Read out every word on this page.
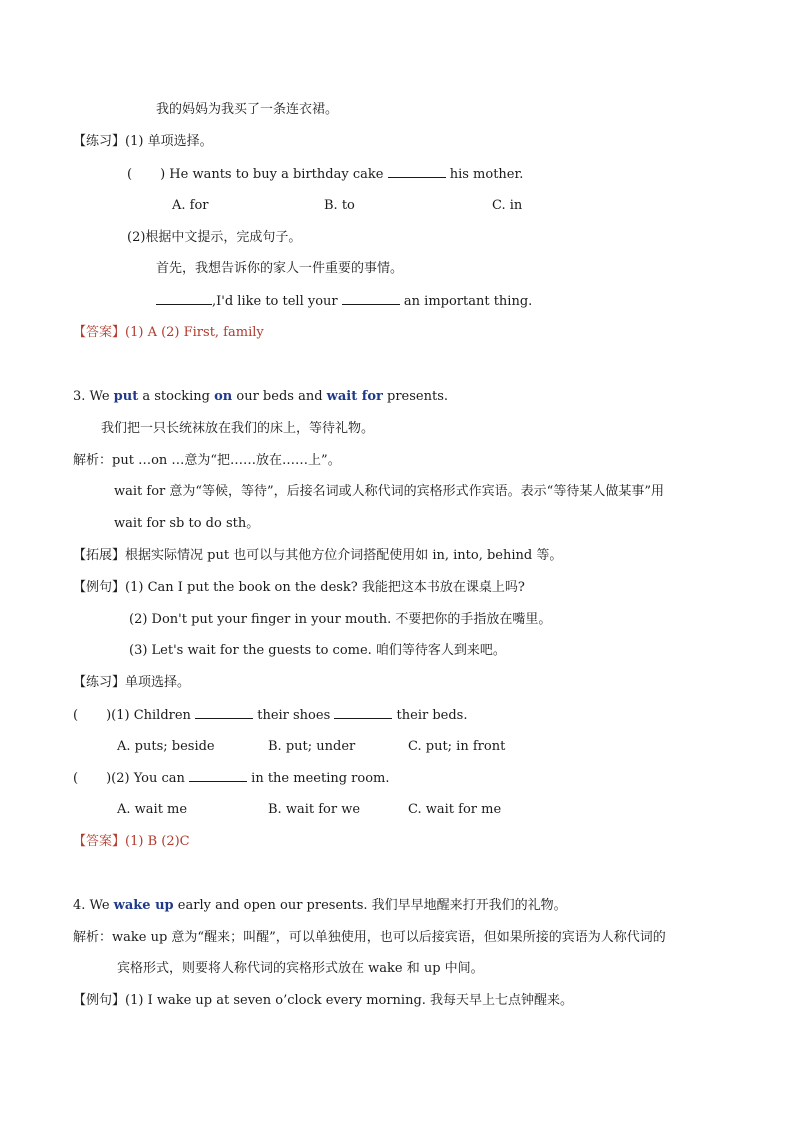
我的妈妈为我买了一条连衣裙。
【练习】(1) 单项选择。
( ) He wants to buy a birthday cake	his mother.
A. for	B. to	C. in
(2)根据中文提示，完成句子。
首先，我想告诉你的家人一件重要的事情。
,I'd like to tell your	an important thing.
【答案】(1) A (2) First, family
3. We put a stocking on our beds and wait for presents.
我们把一只长统袜放在我们的床上，等待礼物。
解析：put …on …意为“把……放在……上”。
wait for 意为“等候，等待”，后接名词或人称代词的宾格形式作宾语。表示“等待某人做某事”用
wait for sb to do sth。
【拓展】根据实际情况 put 也可以与其他方位介词搭配使用如 in, into, behind 等。
【例句】(1) Can I put the book on the desk? 我能把这本书放在课桌上吗?
(2) Don't put your finger in your mouth. 不要把你的手指放在嘴里。
(3) Let's wait for the guests to come. 咱们等待客人到来吧。
【练习】单项选择。
( )(1) Children	their shoes	their beds.
A. puts; beside	B. put; under	C. put; in front
( )(2) You can	in the meeting room.
A. wait me	B. wait for we	C. wait for me
【答案】(1) B (2)C
4. We wake up early and open our presents. 我们早早地醒来打开我们的礼物。
解析：wake up 意为“醒来；叫醒”，可以单独使用，也可以后接宾语，但如果所接的宾语为人称代词的
宾格形式，则要将人称代词的宾格形式放在 wake 和 up 中间。
【例句】(1) I wake up at seven o’clock every morning. 我每天早上七点钟醒来。
